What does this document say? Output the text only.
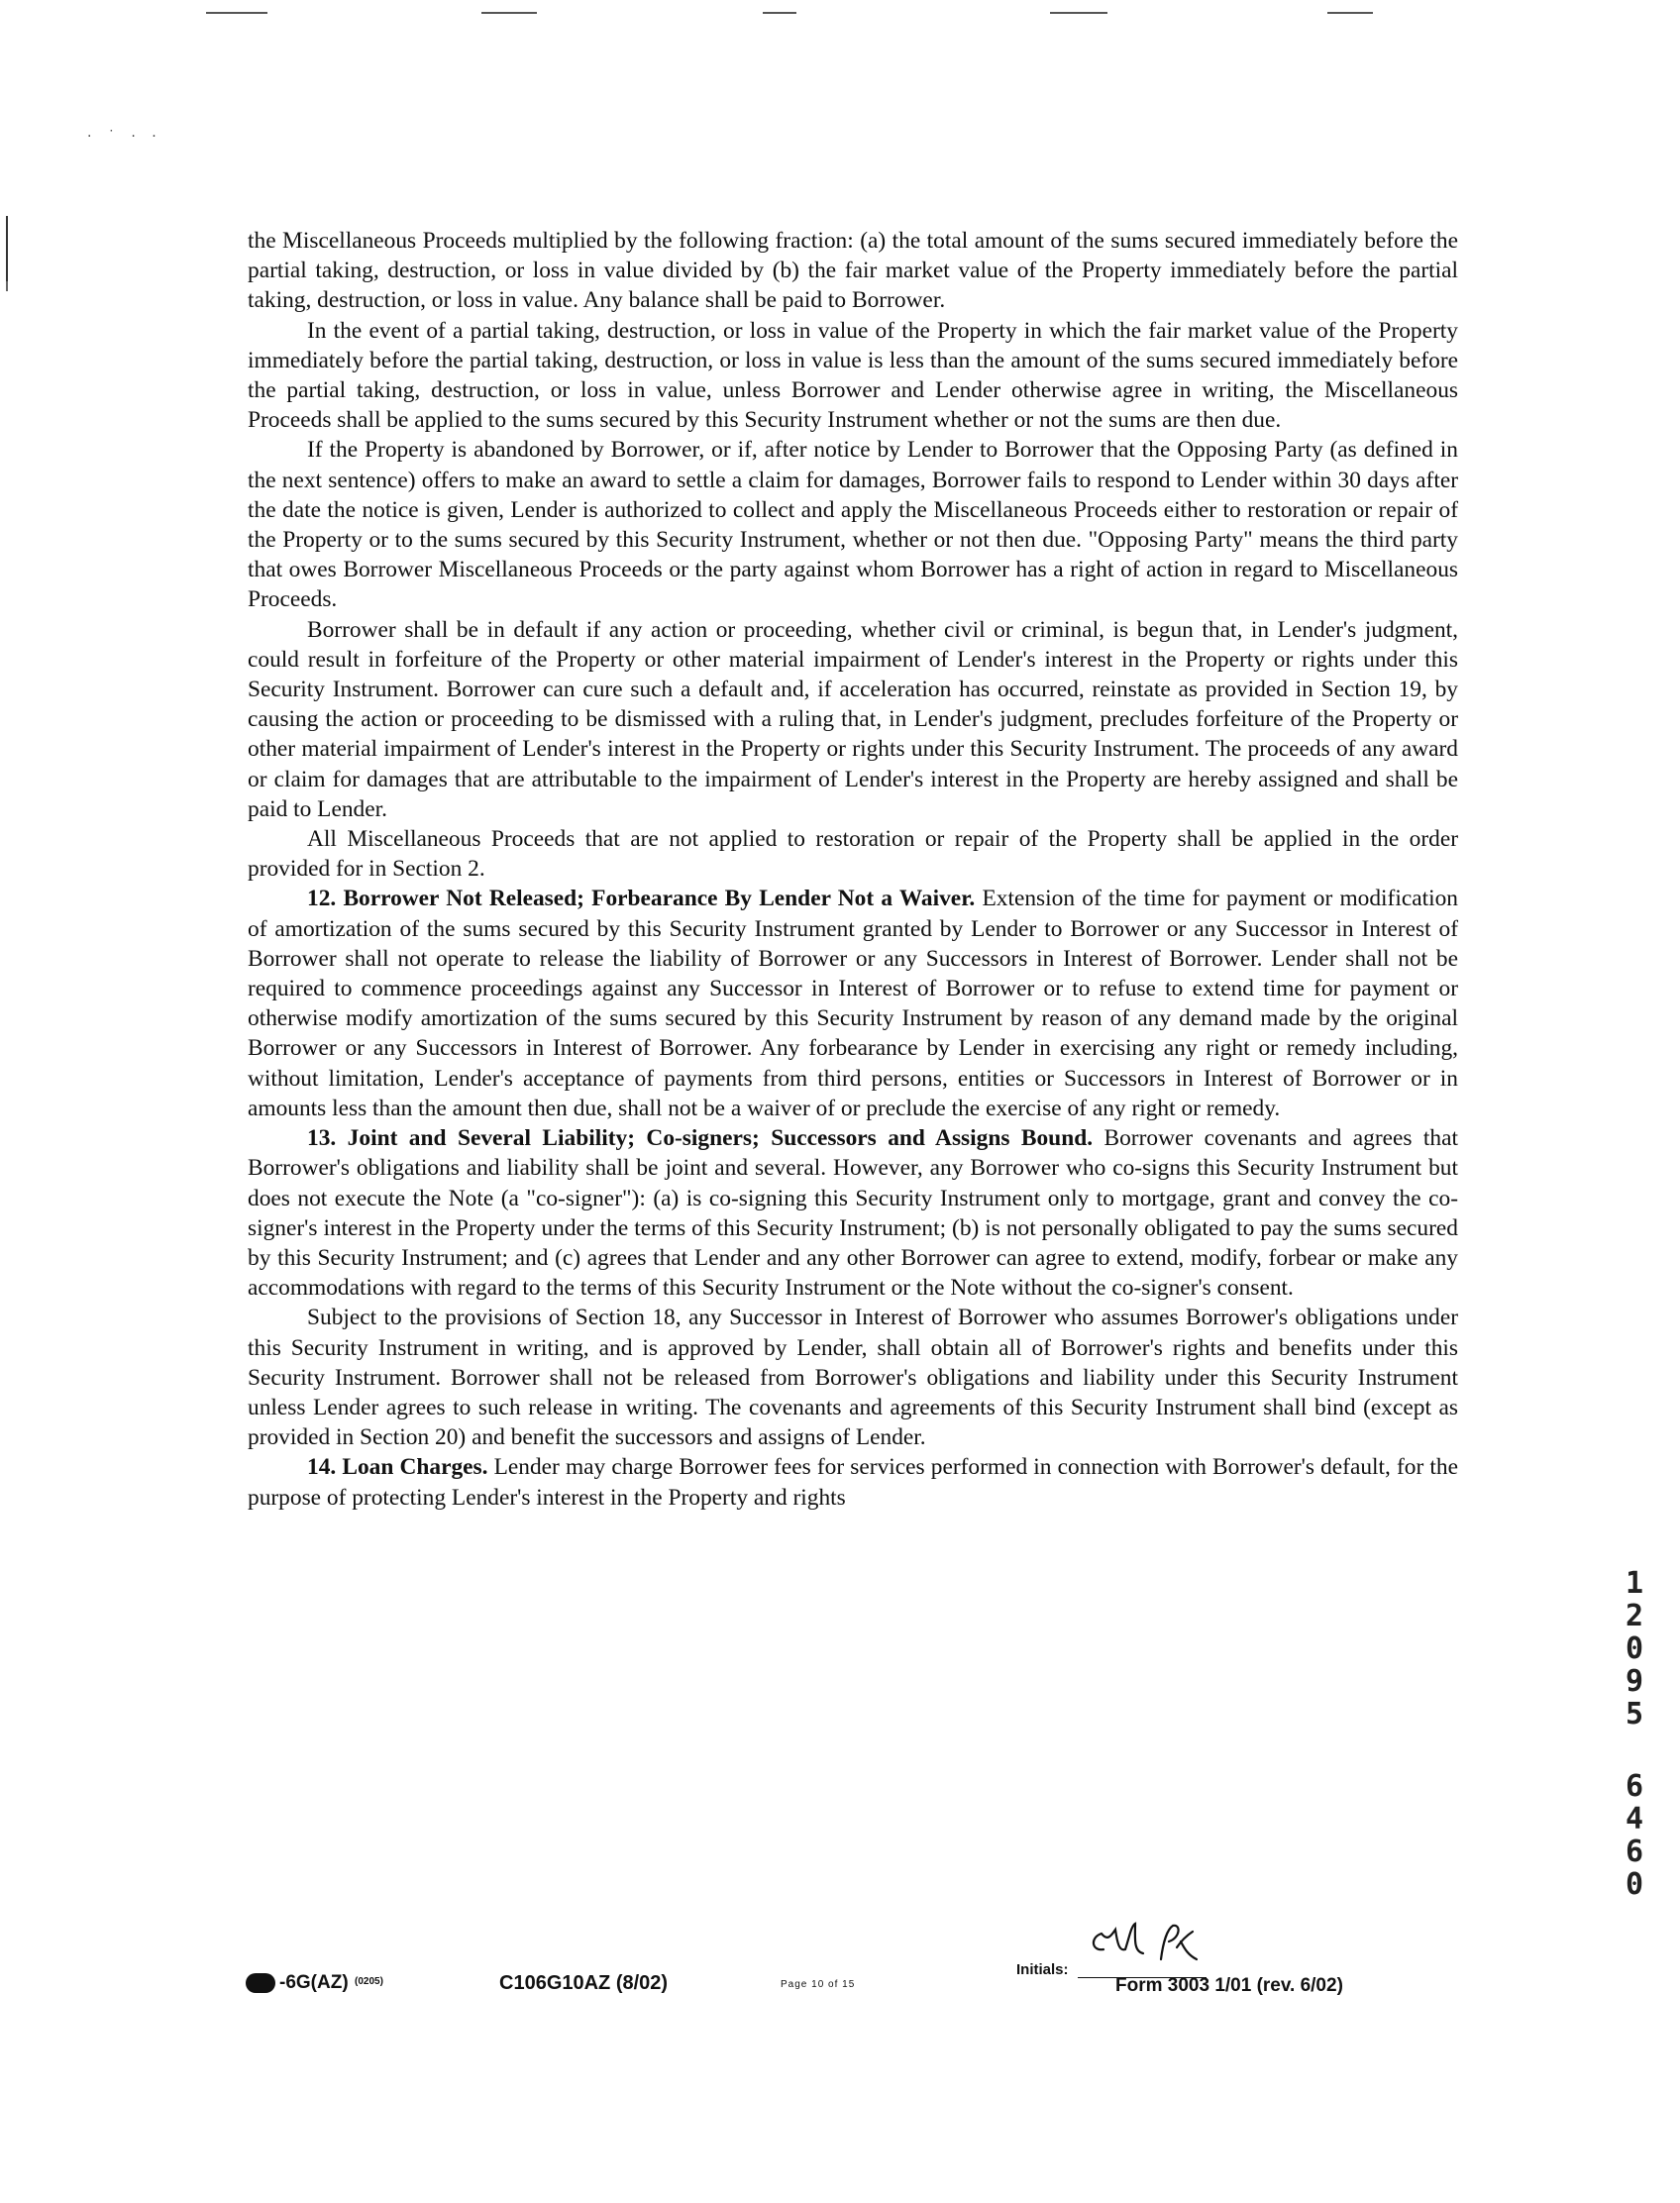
· ˙ · ·

the Miscellaneous Proceeds multiplied by the following fraction: (a) the total amount of the sums secured immediately before the partial taking, destruction, or loss in value divided by (b) the fair market value of the Property immediately before the partial taking, destruction, or loss in value. Any balance shall be paid to Borrower.

In the event of a partial taking, destruction, or loss in value of the Property in which the fair market value of the Property immediately before the partial taking, destruction, or loss in value is less than the amount of the sums secured immediately before the partial taking, destruction, or loss in value, unless Borrower and Lender otherwise agree in writing, the Miscellaneous Proceeds shall be applied to the sums secured by this Security Instrument whether or not the sums are then due.

If the Property is abandoned by Borrower, or if, after notice by Lender to Borrower that the Opposing Party (as defined in the next sentence) offers to make an award to settle a claim for damages, Borrower fails to respond to Lender within 30 days after the date the notice is given, Lender is authorized to collect and apply the Miscellaneous Proceeds either to restoration or repair of the Property or to the sums secured by this Security Instrument, whether or not then due. "Opposing Party" means the third party that owes Borrower Miscellaneous Proceeds or the party against whom Borrower has a right of action in regard to Miscellaneous Proceeds.

Borrower shall be in default if any action or proceeding, whether civil or criminal, is begun that, in Lender's judgment, could result in forfeiture of the Property or other material impairment of Lender's interest in the Property or rights under this Security Instrument. Borrower can cure such a default and, if acceleration has occurred, reinstate as provided in Section 19, by causing the action or proceeding to be dismissed with a ruling that, in Lender's judgment, precludes forfeiture of the Property or other material impairment of Lender's interest in the Property or rights under this Security Instrument. The proceeds of any award or claim for damages that are attributable to the impairment of Lender's interest in the Property are hereby assigned and shall be paid to Lender.

All Miscellaneous Proceeds that are not applied to restoration or repair of the Property shall be applied in the order provided for in Section 2.

12. Borrower Not Released; Forbearance By Lender Not a Waiver. Extension of the time for payment or modification of amortization of the sums secured by this Security Instrument granted by Lender to Borrower or any Successor in Interest of Borrower shall not operate to release the liability of Borrower or any Successors in Interest of Borrower. Lender shall not be required to commence proceedings against any Successor in Interest of Borrower or to refuse to extend time for payment or otherwise modify amortization of the sums secured by this Security Instrument by reason of any demand made by the original Borrower or any Successors in Interest of Borrower. Any forbearance by Lender in exercising any right or remedy including, without limitation, Lender's acceptance of payments from third persons, entities or Successors in Interest of Borrower or in amounts less than the amount then due, shall not be a waiver of or preclude the exercise of any right or remedy.

13. Joint and Several Liability; Co-signers; Successors and Assigns Bound. Borrower covenants and agrees that Borrower's obligations and liability shall be joint and several. However, any Borrower who co-signs this Security Instrument but does not execute the Note (a "co-signer"): (a) is co-signing this Security Instrument only to mortgage, grant and convey the co-signer's interest in the Property under the terms of this Security Instrument; (b) is not personally obligated to pay the sums secured by this Security Instrument; and (c) agrees that Lender and any other Borrower can agree to extend, modify, forbear or make any accommodations with regard to the terms of this Security Instrument or the Note without the co-signer's consent.

Subject to the provisions of Section 18, any Successor in Interest of Borrower who assumes Borrower's obligations under this Security Instrument in writing, and is approved by Lender, shall obtain all of Borrower's rights and benefits under this Security Instrument. Borrower shall not be released from Borrower's obligations and liability under this Security Instrument unless Lender agrees to such release in writing. The covenants and agreements of this Security Instrument shall bind (except as provided in Section 20) and benefit the successors and assigns of Lender.

14. Loan Charges. Lender may charge Borrower fees for services performed in connection with Borrower's default, for the purpose of protecting Lender's interest in the Property and rights

1
2
0
9
5
6
4
6
0
-6G(AZ) (0205)	C106G10AZ (8/02)	Page 10 of 15
Initials:
Form 3003 1/01 (rev. 6/02)
